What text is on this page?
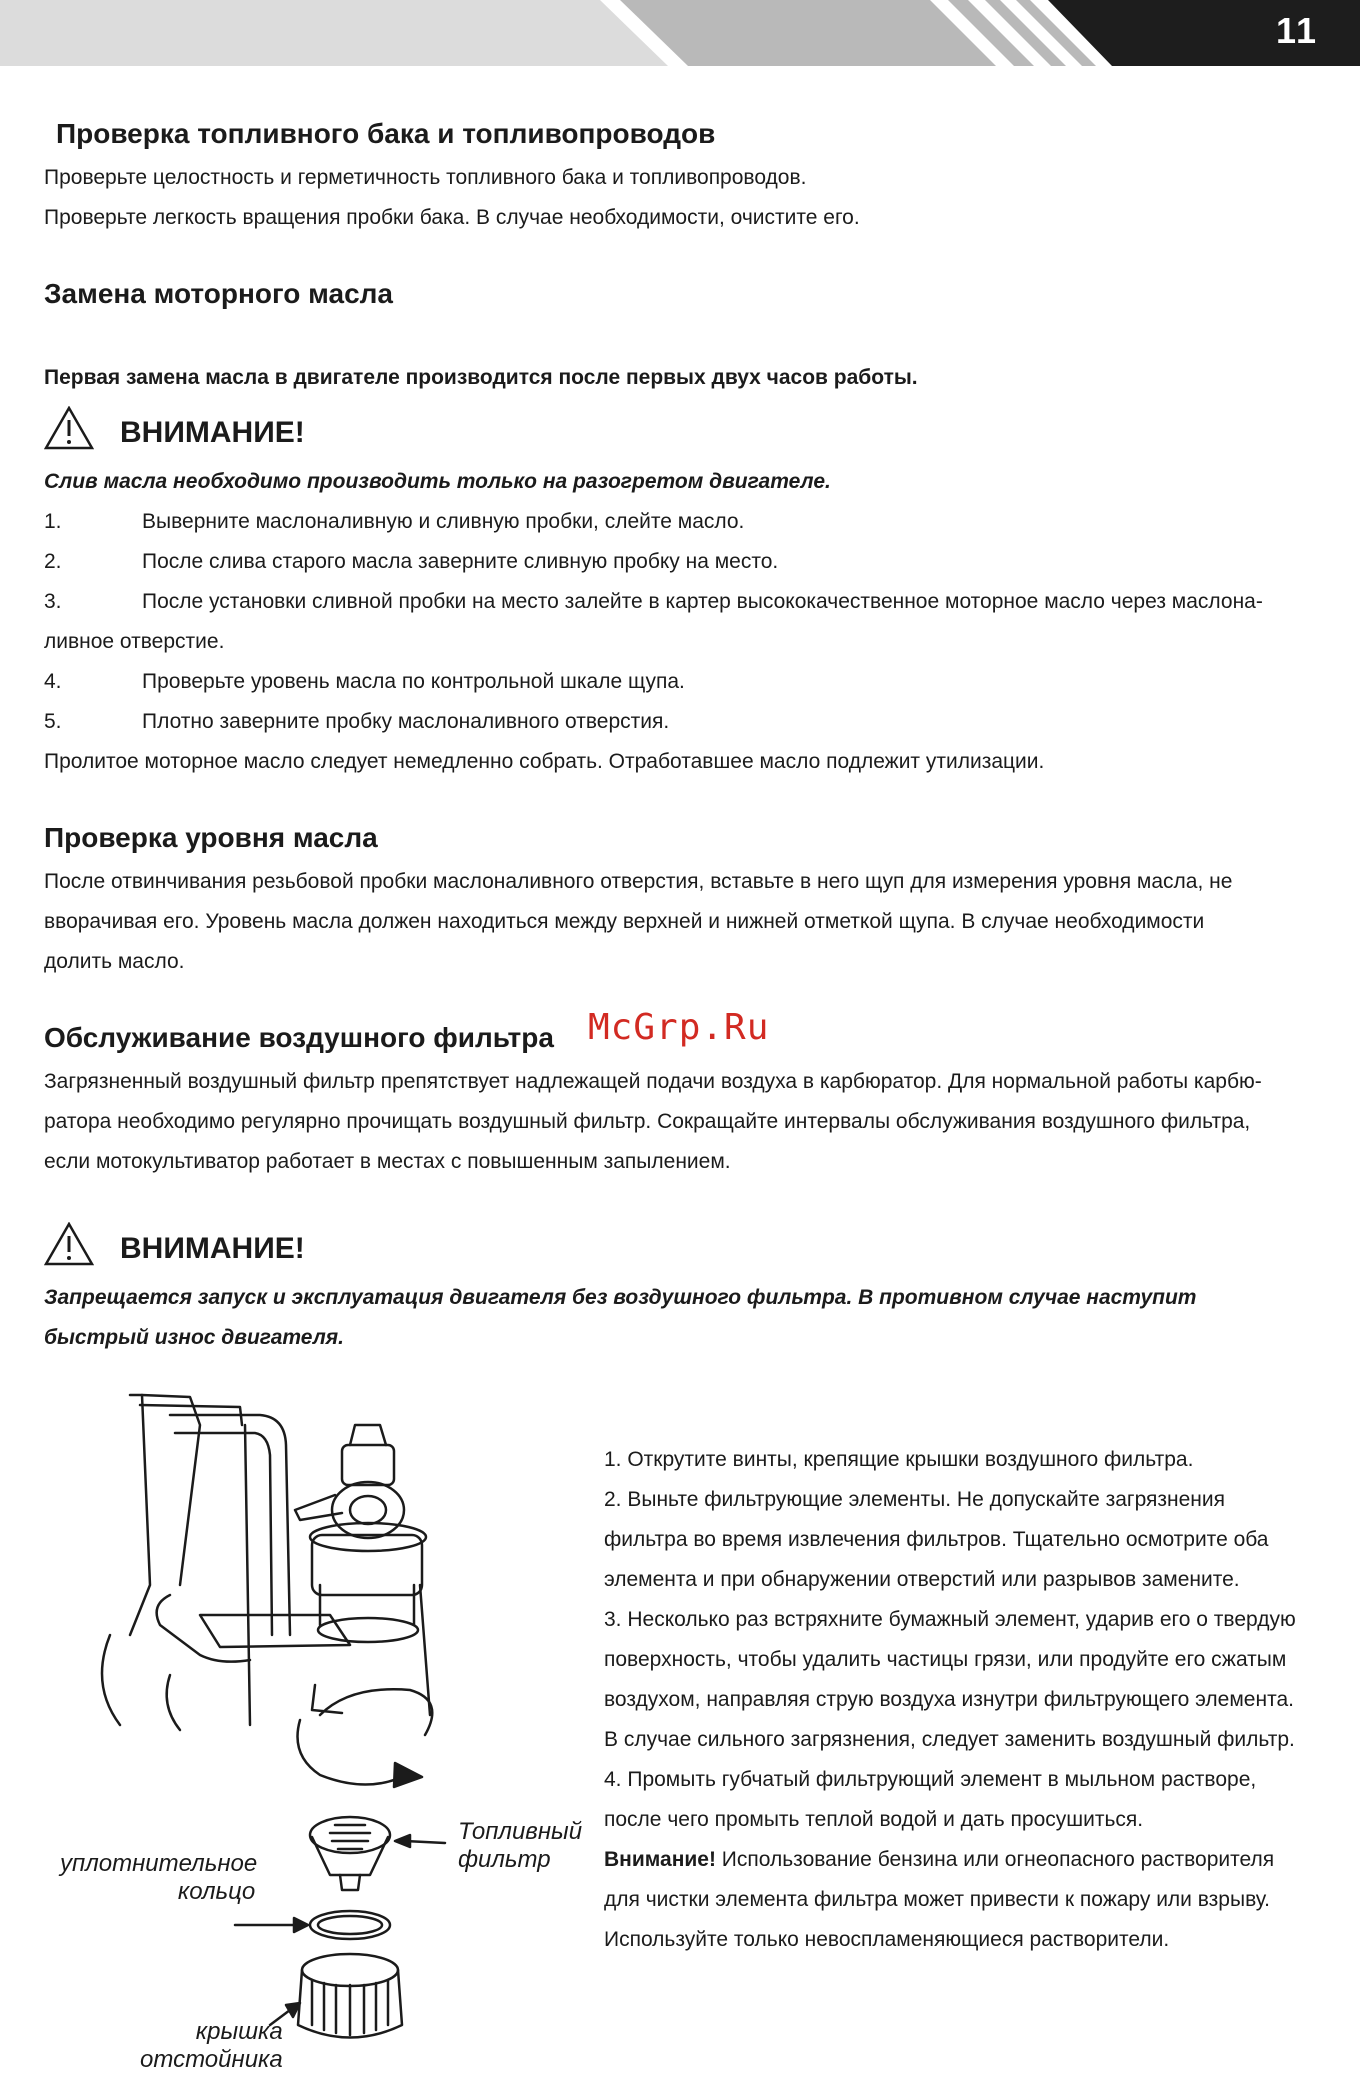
11
Проверка топливного бака и топливопроводов

Проверьте целостность и герметичность топливного бака и топливопроводов.

Проверьте легкость вращения пробки бака. В случае необходимости, очистите его.

Замена моторного масла

Первая замена масла в двигателе производится после первых двух часов работы.

ВНИМАНИЕ!

Слив масла необходимо производить только на разогретом двигателе.

1.	Выверните маслоналивную и сливную пробки, слейте масло.
2.	После слива старого масла заверните сливную пробку на место.
3.	После установки сливной пробки на место залейте в картер высококачественное моторное масло через маслона-
ливное отверстие.
4.	Проверьте уровень масла по контрольной шкале щупа.
5.	Плотно заверните пробку маслоналивного отверстия.

Пролитое моторное масло следует немедленно собрать. Отработавшее масло подлежит утилизации.

Проверка уровня масла

После отвинчивания резьбовой пробки маслоналивного отверстия, вставьте в него щуп для измерения уровня масла, не

вворачивая его. Уровень масла должен находиться между верхней и нижней отметкой щупа. В случае необходимости

долить масло.

Обслуживание воздушного фильтра McGrp.Ru

Загрязненный воздушный фильтр препятствует надлежащей подачи воздуха в карбюратор. Для нормальной работы карбю-

ратора необходимо регулярно прочищать воздушный фильтр. Сокращайте интервалы обслуживания воздушного фильтра,

если мотокультиватор работает в местах с повышенным запылением.

ВНИМАНИЕ!

Запрещается запуск и эксплуатация двигателя без воздушного фильтра. В противном случае наступит

быстрый износ двигателя.

Топливный
фильтр
уплотнительное
кольцо
крышка
отстойника
1. Открутите винты, крепящие крышки воздушного фильтра.
2. Выньте фильтрующие элементы. Не допускайте загрязнения
фильтра во время извлечения фильтров. Тщательно осмотрите оба
элемента и при обнаружении отверстий или разрывов замените.
3. Несколько раз встряхните бумажный элемент, ударив его о твердую
поверхность, чтобы удалить частицы грязи, или продуйте его сжатым
воздухом, направляя струю воздуха изнутри фильтрующего элемента.
В случае сильного загрязнения, следует заменить воздушный фильтр.
4. Промыть губчатый фильтрующий элемент в мыльном растворе,
после чего промыть теплой водой и дать просушиться.
Внимание! Использование бензина или огнеопасного растворителя
для чистки элемента фильтра может привести к пожару или взрыву.
Используйте только невоспламеняющиеся растворители.
